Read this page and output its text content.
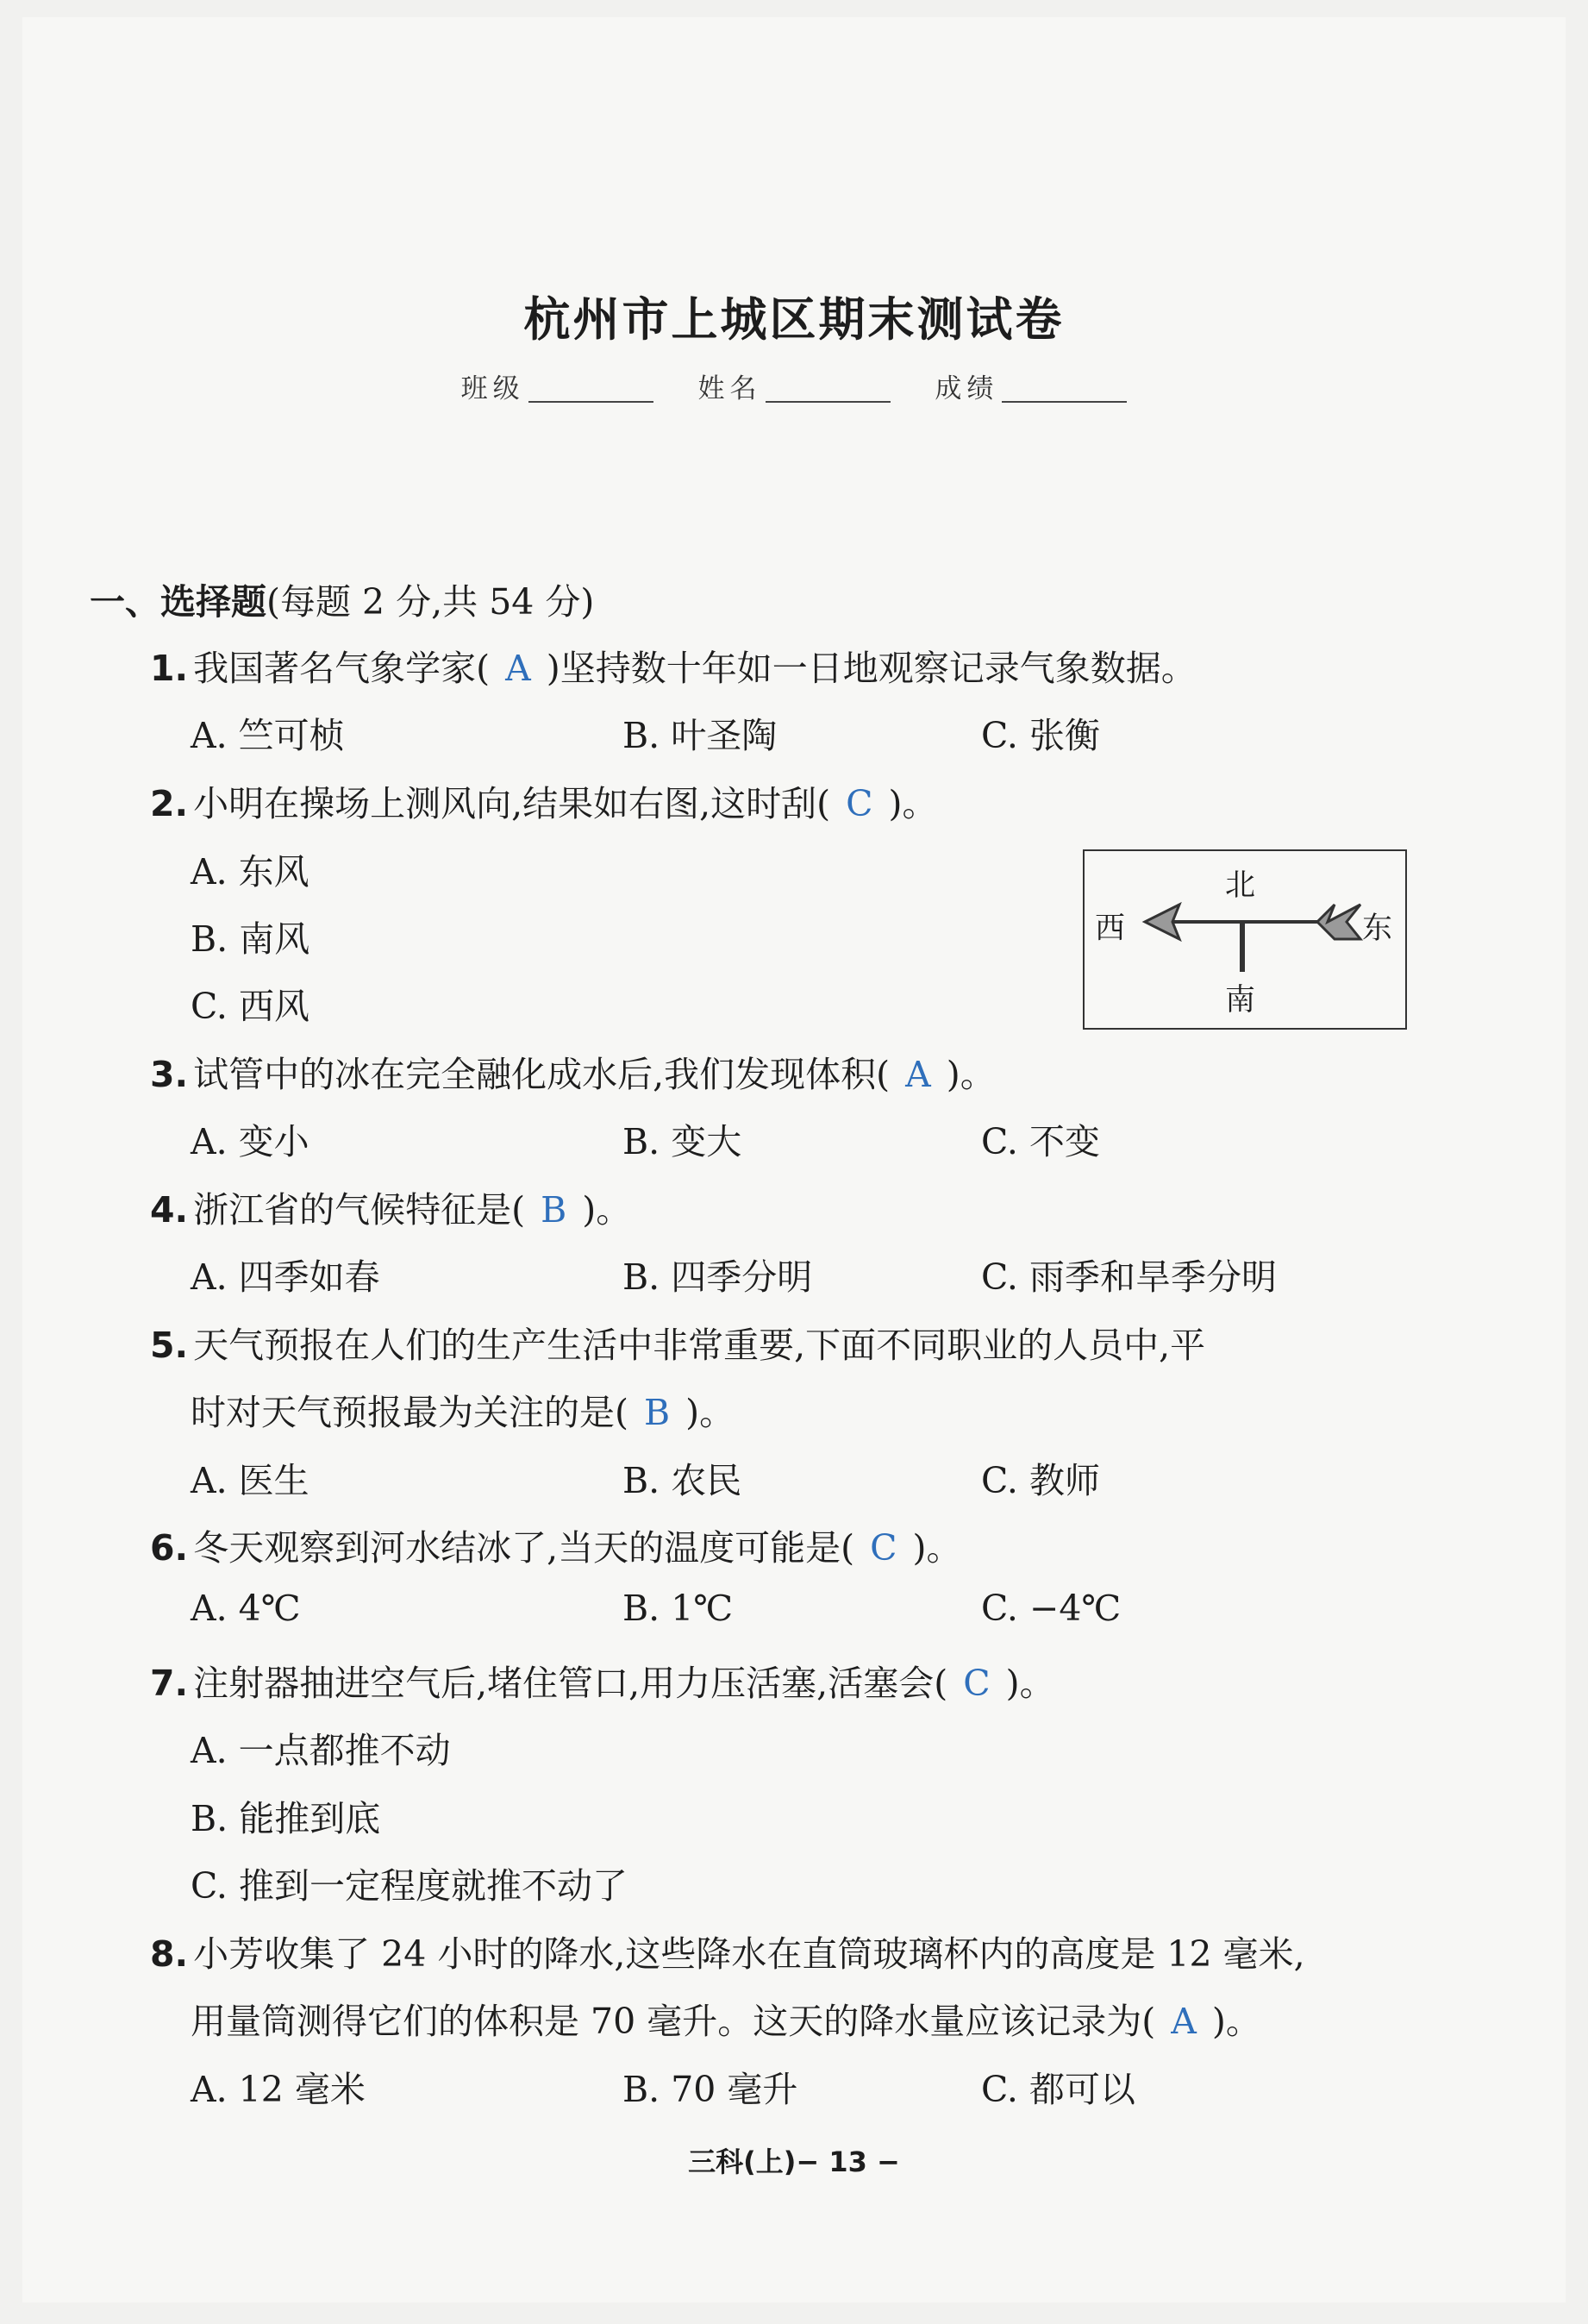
杭州市上城区期末测试卷
班级	姓名	成绩
一、选择题(每题 2 分,共 54 分)
1. 我国著名气象学家( A )坚持数十年如一日地观察记录气象数据。
A. 竺可桢	B. 叶圣陶	C. 张衡
2. 小明在操场上测风向,结果如右图,这时刮( C )。
A. 东风
B. 南风
C. 西风
北
南
西	东
3. 试管中的冰在完全融化成水后,我们发现体积( A )。
A. 变小	B. 变大	C. 不变
4. 浙江省的气候特征是( B )。
A. 四季如春	B. 四季分明	C. 雨季和旱季分明
5. 天气预报在人们的生产生活中非常重要,下面不同职业的人员中,平
时对天气预报最为关注的是( B )。
A. 医生	B. 农民	C. 教师
6. 冬天观察到河水结冰了,当天的温度可能是( C )。
A. 4℃	B. 1℃	C. −4℃
7. 注射器抽进空气后,堵住管口,用力压活塞,活塞会( C )。
A. 一点都推不动
B. 能推到底
C. 推到一定程度就推不动了
8. 小芳收集了 24 小时的降水,这些降水在直筒玻璃杯内的高度是 12 毫米,
用量筒测得它们的体积是 70 毫升。这天的降水量应该记录为( A )。
A. 12 毫米	B. 70 毫升	C. 都可以
三科(上)− 13 −
